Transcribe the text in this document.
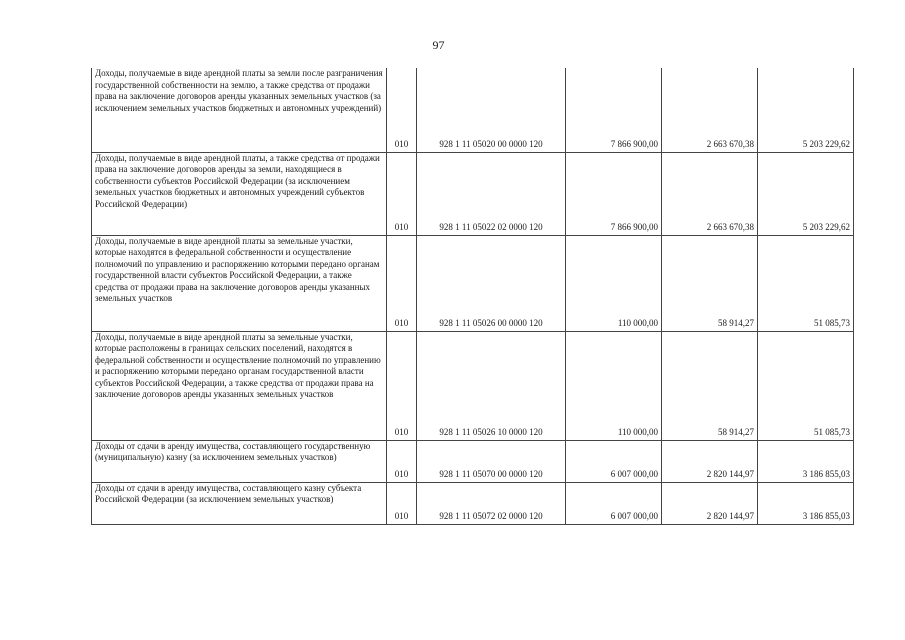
97
Доходы, получаемые в виде арендной платы за земли после разграничения государственной собственности на землю, а также средства от продажи права на заключение договоров аренды указанных земельных участков (за исключением земельных участков бюджетных и автономных учреждений)	010	928 1 11 05020 00 0000 120	7 866 900,00	2 663 670,38	5 203 229,62
Доходы, получаемые в виде арендной платы, а также средства от продажи права на заключение договоров аренды за земли, находящиеся в собственности субъектов Российской Федерации (за исключением земельных участков бюджетных и автономных учреждений субъектов Российской Федерации)	010	928 1 11 05022 02 0000 120	7 866 900,00	2 663 670,38	5 203 229,62
Доходы, получаемые в виде арендной платы за земельные участки, которые находятся в федеральной собственности и осуществление полномочий по управлению и распоряжению которыми передано органам государственной власти субъектов Российской Федерации, а также средства от продажи права на заключение договоров аренды указанных земельных участков	010	928 1 11 05026 00 0000 120	110 000,00	58 914,27	51 085,73
Доходы, получаемые в виде арендной платы за земельные участки, которые расположены в границах сельских поселений, находятся в федеральной собственности и осуществление полномочий по управлению и распоряжению которыми передано органам государственной власти субъектов Российской Федерации, а также средства от продажи права на заключение договоров аренды указанных земельных участков	010	928 1 11 05026 10 0000 120	110 000,00	58 914,27	51 085,73
Доходы от сдачи в аренду имущества, составляющего государственную (муниципальную) казну (за исключением земельных участков)	010	928 1 11 05070 00 0000 120	6 007 000,00	2 820 144,97	3 186 855,03
Доходы от сдачи в аренду имущества, составляющего казну субъекта Российской Федерации (за исключением земельных участков)	010	928 1 11 05072 02 0000 120	6 007 000,00	2 820 144,97	3 186 855,03
